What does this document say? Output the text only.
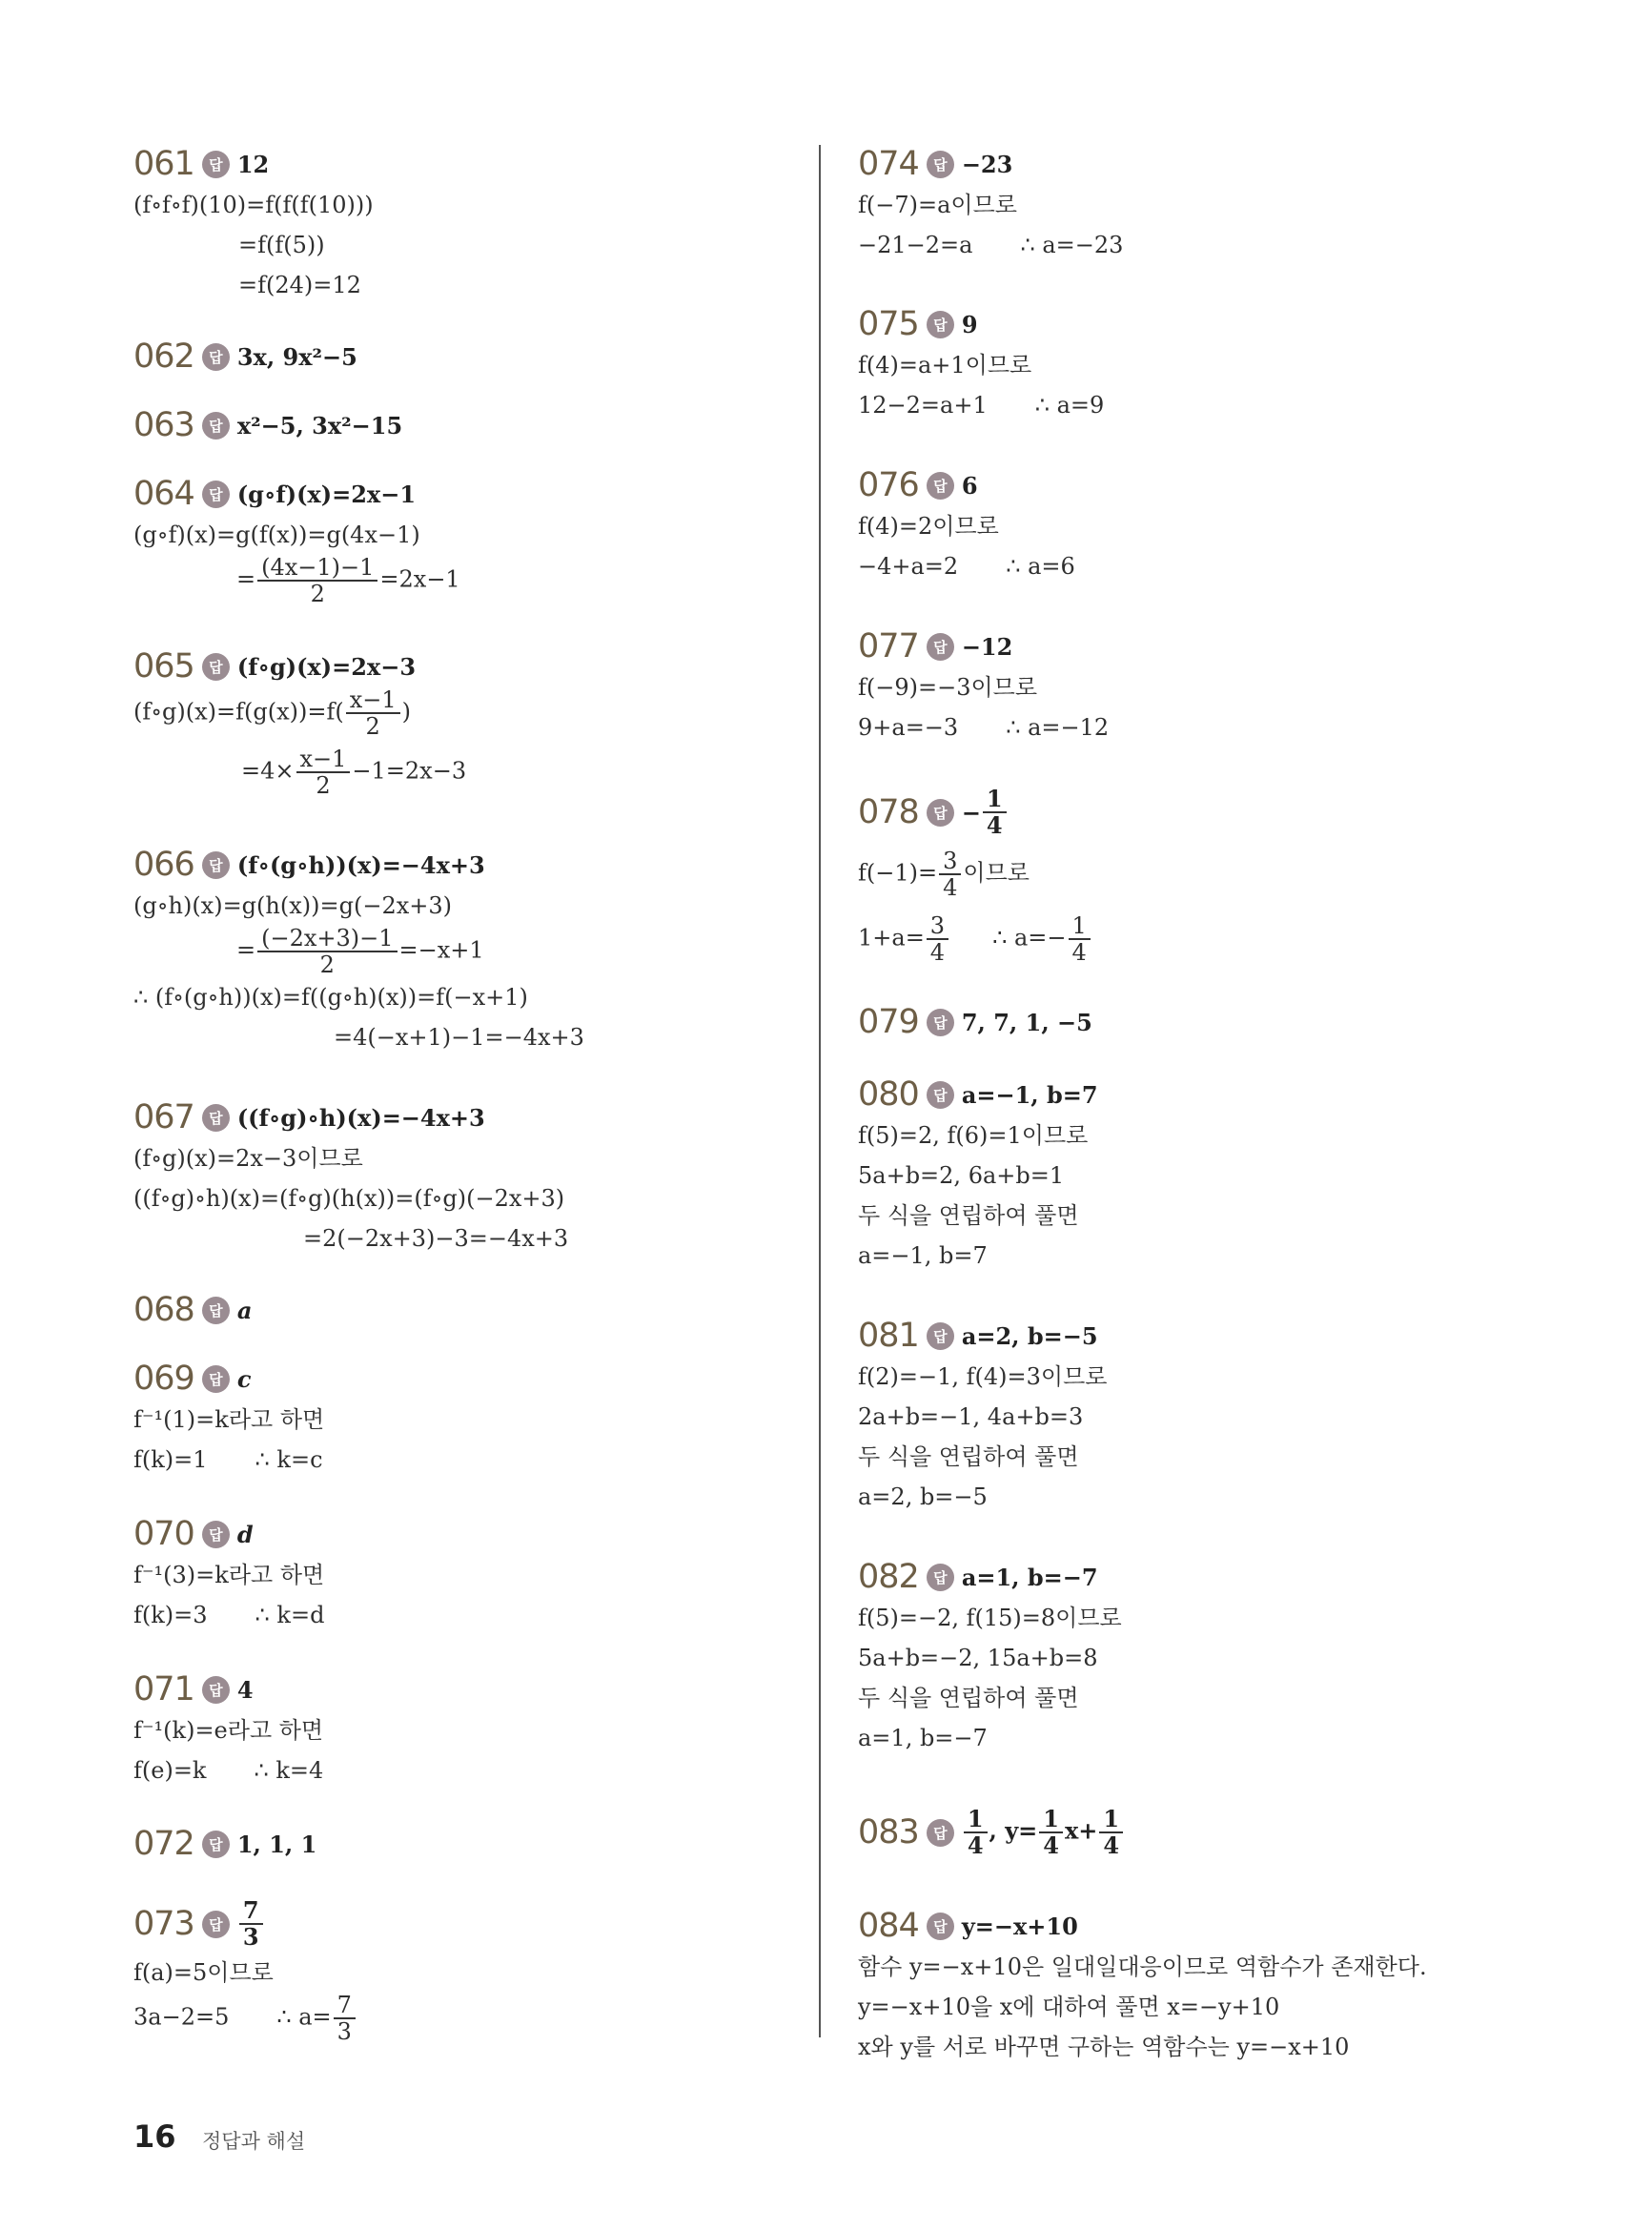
061	답 12
(f∘f∘f)(10)=f(f(f(10)))
=f(f(5))
=f(24)=12
062	답 3x, 9x²−5
063	답 x²−5, 3x²−15
064	답 (g∘f)(x)=2x−1
(g∘f)(x)=g(f(x))=g(4x−1)
= $\frac{(4x-1)-1}{2} =2x-1$
065	답 (f∘g)(x)=2x−3
(f∘g)(x)=f(g(x))=f( $\frac{x-1}{2}$ )
$=4\times \frac{x-1}{2} -1=2x-3$
066	답 (f∘(g∘h))(x)=−4x+3
(g∘h)(x)=g(h(x))=g(−2x+3)
= $\frac{(-2x+3)-1}{2} =-x+1$
∴ (f∘(g∘h))(x)=f((g∘h)(x))=f(−x+1)
=4(−x+1)−1=−4x+3
067	답 ((f∘g)∘h)(x)=−4x+3
(f∘g)(x)=2x−3이므로
((f∘g)∘h)(x)=(f∘g)(h(x))=(f∘g)(−2x+3)
=2(−2x+3)−3=−4x+3
068	답 a
069	답 c
f⁻¹(1)=k라고 하면
f(k)=1 ∴ k=c
070	답 d
f⁻¹(3)=k라고 하면
f(k)=3 ∴ k=d
071	답 4
f⁻¹(k)=e라고 하면
f(e)=k ∴ k=4
072	답 1, 1, 1
073	답 $\frac{7}{3}$
f(a)=5이므로
3a−2=5 ∴ $a= \frac{7}{3}$
074	답 −23
f(−7)=a이므로
−21−2=a ∴ a=−23
075	답 9
f(4)=a+1이므로
12−2=a+1 ∴ a=9
076	답 6
f(4)=2이므로
−4+a=2 ∴ a=6
077	답 −12
f(−9)=−3이므로
9+a=−3 ∴ a=−12
078	답 − $\frac{1}{4}$
$f(-1)= \frac{3}{4}$ 이므로
$1+a= \frac{3}{4}$ ∴ $a=- \frac{1}{4}$
079	답 7, 7, 1, −5
080	답 a=−1, b=7
f(5)=2, f(6)=1이므로
5a+b=2, 6a+b=1
두 식을 연립하여 풀면
a=−1, b=7
081	답 a=2, b=−5
f(2)=−1, f(4)=3이므로
2a+b=−1, 4a+b=3
두 식을 연립하여 풀면
a=2, b=−5
082	답 a=1, b=−7
f(5)=−2, f(15)=8이므로
5a+b=−2, 15a+b=8
두 식을 연립하여 풀면
a=1, b=−7
083	답 $\frac{1}{4}$ , $y= \frac{1}{4} x+ \frac{1}{4}$
084	답 y=−x+10
함수 y=−x+10은 일대일대응이므로 역함수가 존재한다.
y=−x+10을 x에 대하여 풀면 x=−y+10
x와 y를 서로 바꾸면 구하는 역함수는 y=−x+10
16 정답과 해설
